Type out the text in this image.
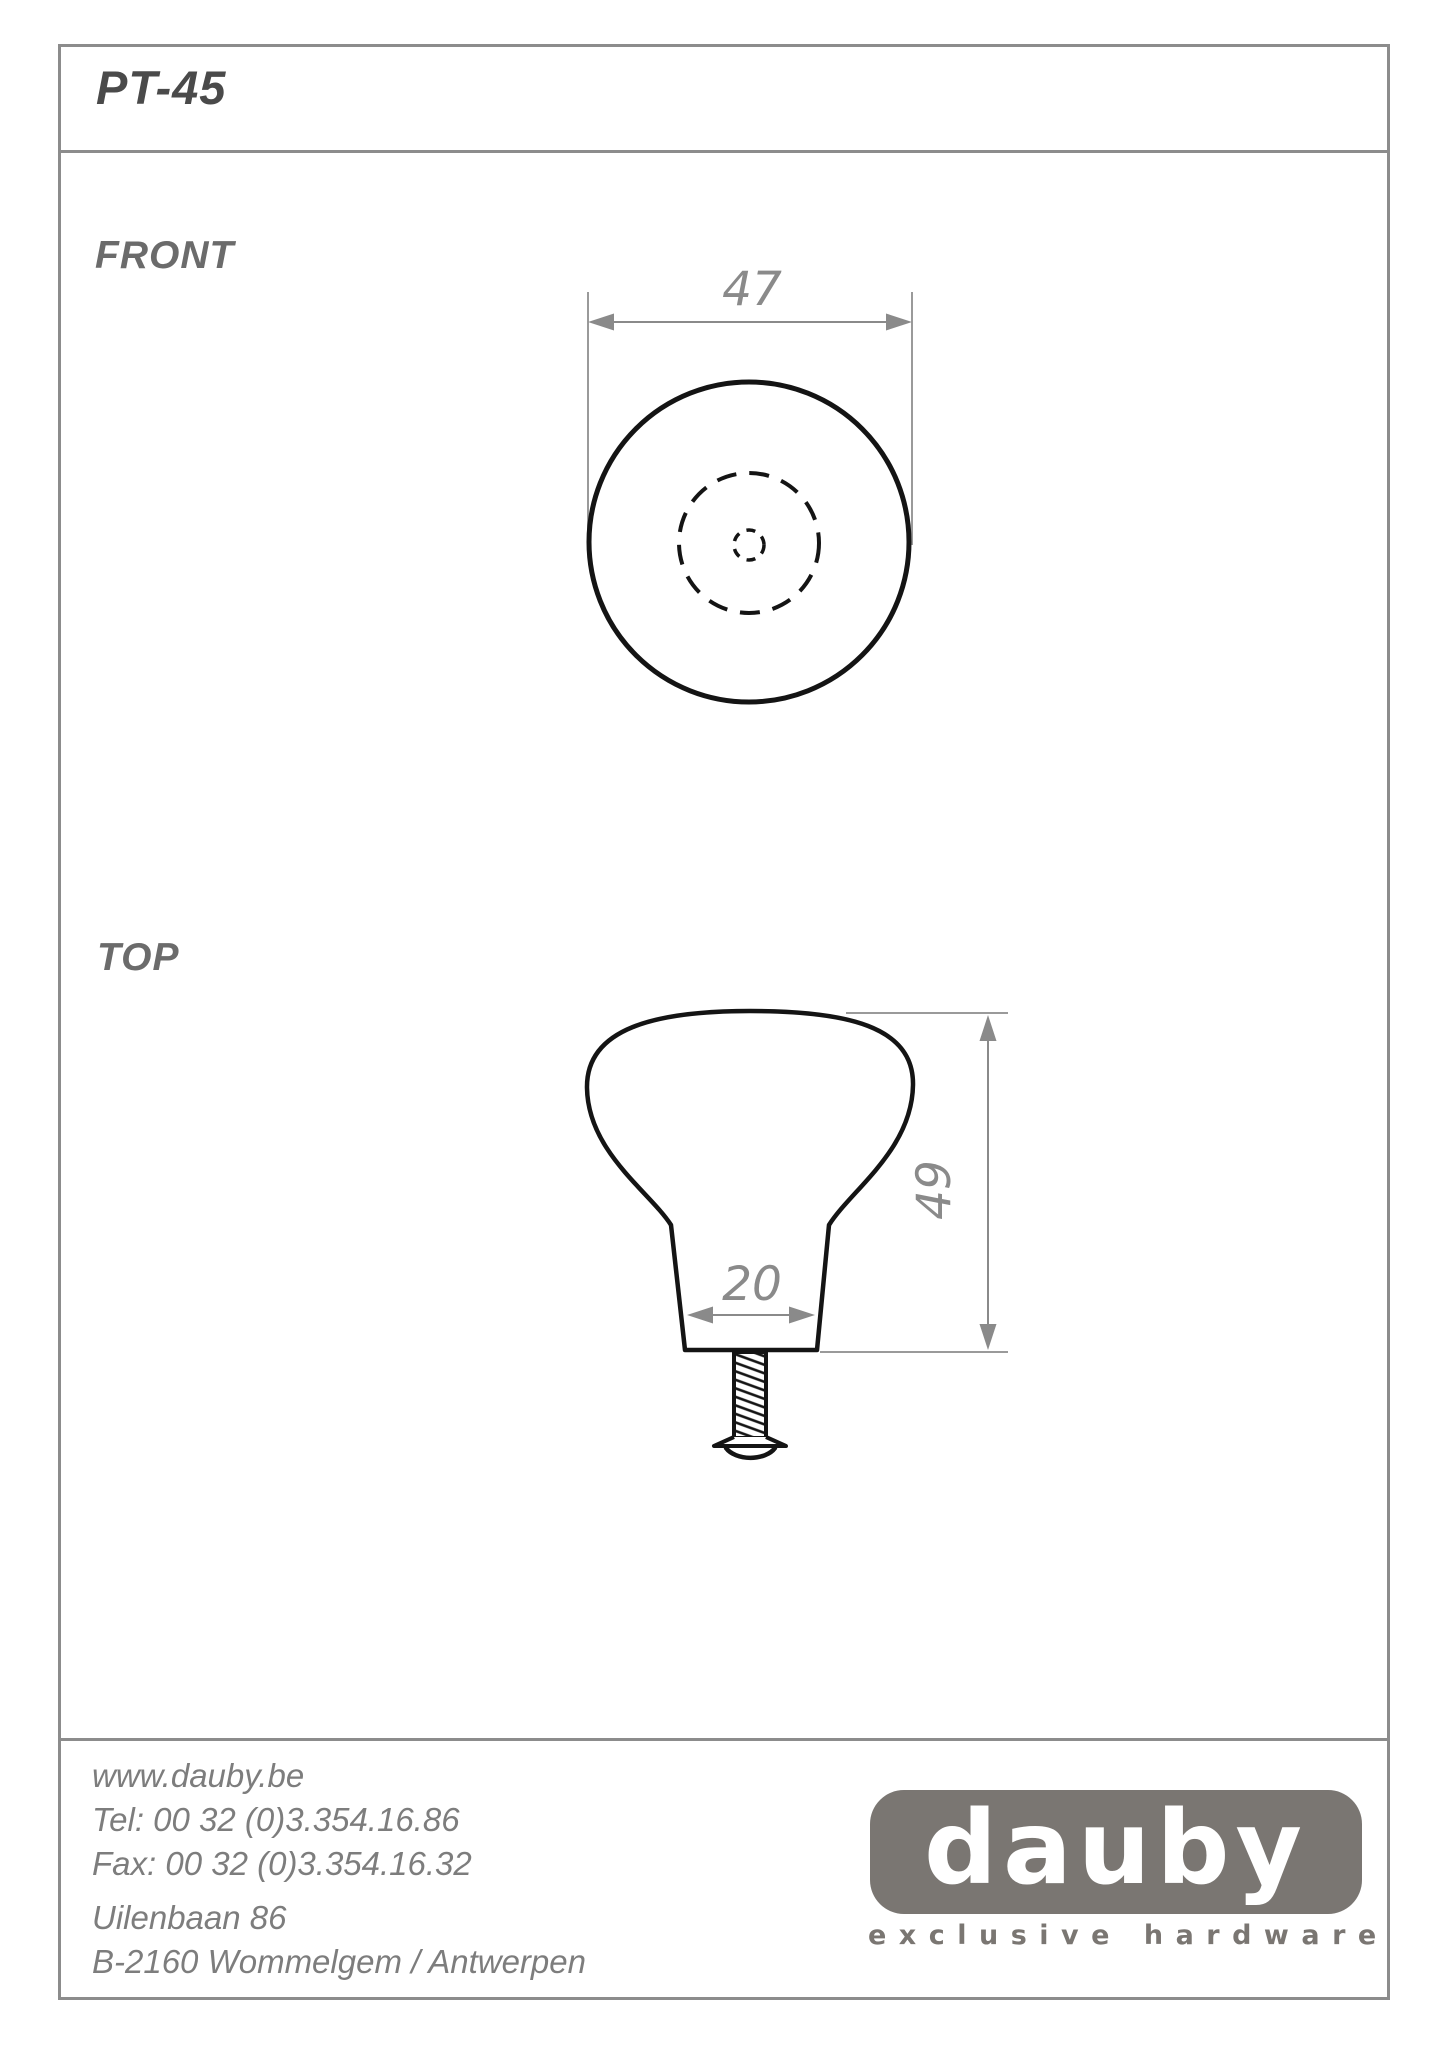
PT-45
FRONT
TOP
47
49
20
www.dauby.be
Tel: 00 32 (0)3.354.16.86
Fax: 00 32 (0)3.354.16.32
Uilenbaan 86
B-2160 Wommelgem / Antwerpen
dauby
exclusive hardware
